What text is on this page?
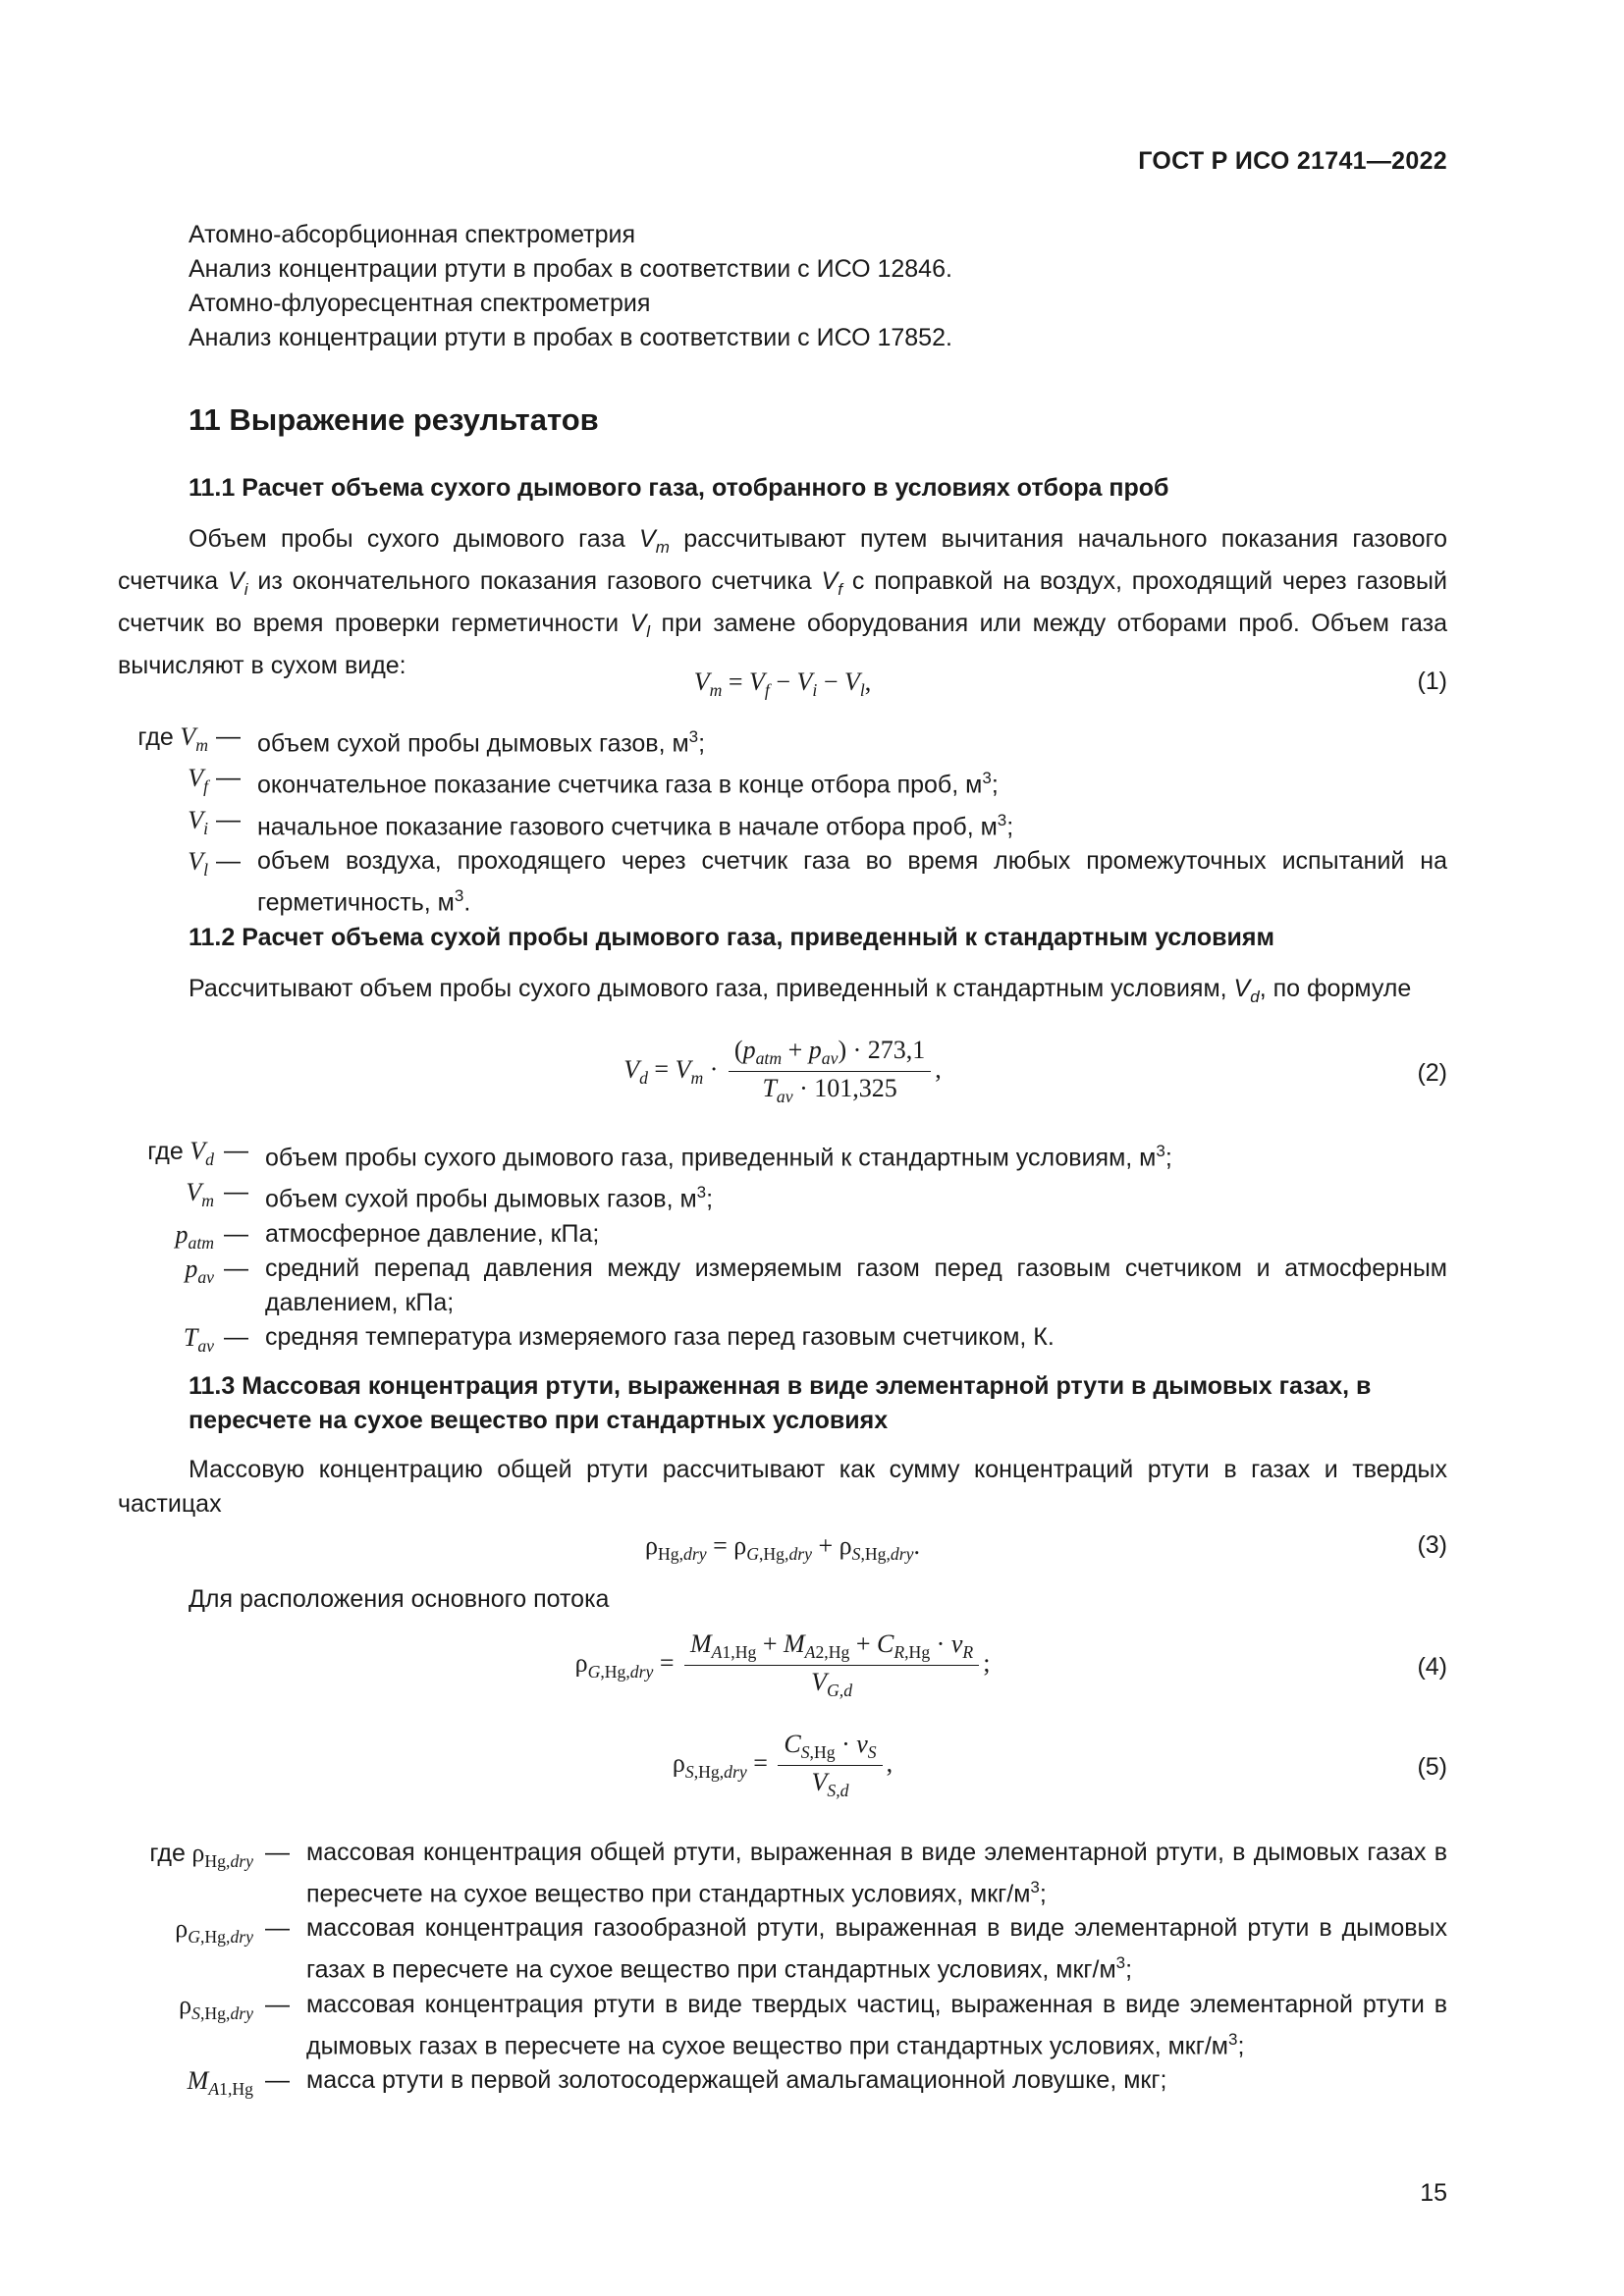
ГОСТ Р ИСО 21741—2022
Атомно-абсорбционная спектрометрия
Анализ концентрации ртути в пробах в соответствии с ИСО 12846.
Атомно-флуоресцентная спектрометрия
Анализ концентрации ртути в пробах в соответствии с ИСО 17852.
11 Выражение результатов
11.1 Расчет объема сухого дымового газа, отобранного в условиях отбора проб
Объем пробы сухого дымового газа $V_m$ рассчитывают путем вычитания начального показания газового счетчика $V_i$ из окончательного показания газового счетчика $V_f$ с поправкой на воздух, проходящий через газовый счетчик во время проверки герметичности $V_l$ при замене оборудования или между отборами проб. Объем газа вычисляют в сухом виде:
$V_m = V_f - V_i - V_l$,	(1)
где $V_m$ — объем сухой пробы дымовых газов, $м^3$;
$V_f$ — окончательное показание счетчика газа в конце отбора проб, $м^3$;
$V_i$ — начальное показание газового счетчика в начале отбора проб, $м^3$;
$V_l$ — объем воздуха, проходящего через счетчик газа во время любых промежуточных испытаний на герметичность, $м^3$.
11.2 Расчет объема сухой пробы дымового газа, приведенный к стандартным условиям
Рассчитывают объем пробы сухого дымового газа, приведенный к стандартным условиям, $V_d$, по формуле
$V_d = V_m \cdot \frac{(p_{atm} + p_{av}) \cdot 273,1}{T_{av} \cdot 101,325}$ ,	(2)
где $V_d$ — объем пробы сухого дымового газа, приведенный к стандартным условиям, $м^3$;
$V_m$ — объем сухой пробы дымовых газов, $м^3$;
$p_{atm}$ — атмосферное давление, кПа;
$p_{av}$ — средний перепад давления между измеряемым газом перед газовым счетчиком и атмосферным давлением, кПа;
$T_{av}$ — средняя температура измеряемого газа перед газовым счетчиком, К.
11.3 Массовая концентрация ртути, выраженная в виде элементарной ртути в дымовых газах, в пересчете на сухое вещество при стандартных условиях
Массовую концентрацию общей ртути рассчитывают как сумму концентраций ртути в газах и твердых частицах
$\rho_{Hg,dry} = \rho_{G,Hg,dry} + \rho_{S,Hg,dry}$.	(3)
Для расположения основного потока
$\rho_{G,Hg,dry} = \frac{M_{A1,Hg} + M_{A2,Hg} + C_{R,Hg} \cdot v_R}{V_{G,d}}$ ;	(4)
$\rho_{S,Hg,dry} = \frac{C_{S,Hg} \cdot v_S}{V_{S,d}}$ ,	(5)
где $\rho_{Hg,dry}$ — массовая концентрация общей ртути, выраженная в виде элементарной ртути, в дымовых газах в пересчете на сухое вещество при стандартных условиях, мкг/$м^3$;
$\rho_{G,Hg,dry}$ — массовая концентрация газообразной ртути, выраженная в виде элементарной ртути в дымовых газах в пересчете на сухое вещество при стандартных условиях, мкг/$м^3$;
$\rho_{S,Hg,dry}$ — массовая концентрация ртути в виде твердых частиц, выраженная в виде элементарной ртути в дымовых газах в пересчете на сухое вещество при стандартных условиях, мкг/$м^3$;
$M_{A1,Hg}$ — масса ртути в первой золотосодержащей амальгамационной ловушке, мкг;
15
